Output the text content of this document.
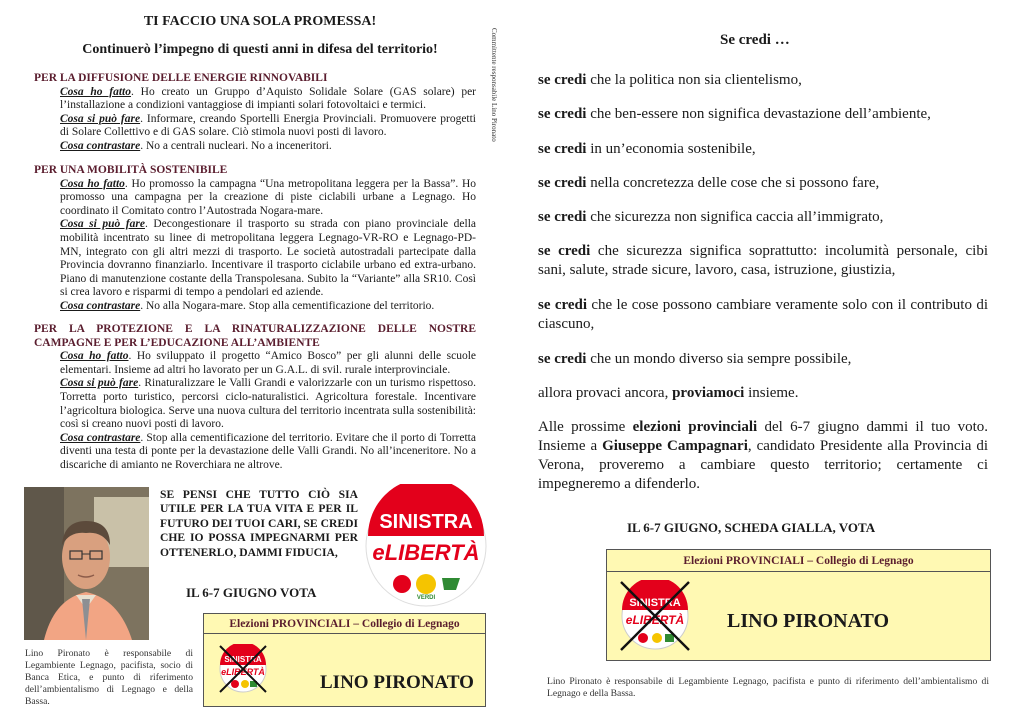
TI FACCIO UNA SOLA PROMESSA!
Continuerò l’impegno di questi anni in difesa del territorio!	Committente responsabile Lino Pironato
PER LA DIFFUSIONE DELLE ENERGIE RINNOVABILI
Cosa ho fatto. Ho creato un Gruppo d’Aquisto Solidale Solare (GAS solare) per l’installazione a condizioni vantaggiose di impianti solari fotovoltaici e termici.
Cosa si può fare. Informare, creando Sportelli Energia Provinciali. Promuovere progetti di Solare Collettivo e di GAS solare. Ciò stimola nuovi posti di lavoro.
Cosa contrastare. No a centrali nucleari. No a inceneritori.
PER UNA MOBILITÀ SOSTENIBILE
Cosa ho fatto. Ho promosso la campagna “Una metropolitana leggera per la Bassa”. Ho promosso una campagna per la creazione di piste ciclabili urbane a Legnago. Ho coordinato il Comitato contro l’Autostrada Nogara-mare.
Cosa si può fare. Decongestionare il trasporto su strada con piano provinciale della mobilità incentrato su linee di metropolitana leggera Legnago-VR-RO e Legnago-PD-MN, integrato con gli altri mezzi di trasporto. Le società autostradali partecipate dalla Provincia dovranno finanziarlo. Incentivare il trasporto ciclabile urbano ed extra-urbano. Piano di manutenzione costante della Transpolesana. Subito la “Variante” alla SR10. Così si crea lavoro e risparmi di tempo a pendolari ed aziende.
Cosa contrastare. No alla Nogara-mare. Stop alla cementificazione del territorio.
PER LA PROTEZIONE E LA RINATURALIZZAZIONE DELLE NOSTRE CAMPAGNE E PER L’EDUCAZIONE ALL’AMBIENTE
Cosa ho fatto. Ho sviluppato il progetto “Amico Bosco” per gli alunni delle scuole elementari. Insieme ad altri ho lavorato per un G.A.L. di svil. rurale interprovinciale.
Cosa si può fare. Rinaturalizzare le Valli Grandi e valorizzarle con un turismo rispettoso. Torretta porto turistico, percorsi ciclo-naturalistici. Agricoltura forestale. Incentivare l’agricoltura biologica. Serve una nuova cultura del territorio incentrata sulla sostenibilità: così si creano nuovi posti di lavoro.
Cosa contrastare. Stop alla cementificazione del territorio. Evitare che il porto di Torretta diventi una testa di ponte per la devastazione delle Valli Grandi. No all’inceneritore. No a discariche di amianto ne Roverchiara ne altrove.
SE PENSI CHE TUTTO CIÒ SIA UTILE PER LA TUA VITA E PER IL FUTURO DEI TUOI CARI, SE CREDI CHE IO POSSA IMPEGNARMI PER OTTENERLO, DAMMI FIDUCIA,
SINISTRA
eLIBERTÀ
VERDI
IL 6-7 GIUGNO VOTA
Lino Pironato è responsabile di Legambiente Legnago, pacifista, socio di Banca Etica, e punto di riferimento dell’ambientalismo di Legnago e della Bassa.
Elezioni PROVINCIALI – Collegio di Legnago
SINISTRA
eLIBERTÀ	LINO PIRONATO
Se credi …
se credi che la politica non sia clientelismo,
se credi che ben-essere non significa devastazione dell’ambiente,
se credi in un’economia sostenibile,
se credi nella concretezza delle cose che si possono fare,
se credi che sicurezza non significa caccia all’immigrato,
se credi che sicurezza significa soprattutto: incolumità personale, cibi sani, salute, strade sicure, lavoro, casa, istruzione, giustizia,
se credi che le cose possono cambiare veramente solo con il contributo di ciascuno,
se credi che un mondo diverso sia sempre possibile,
allora provaci ancora, proviamoci insieme.
Alle prossime elezioni provinciali del 6-7 giugno dammi il tuo voto. Insieme a Giuseppe Campagnari, candidato Presidente alla Provincia di Verona, proveremo a cambiare questo territorio; certamente ci impegneremo a difenderlo.
IL 6-7 GIUGNO, SCHEDA GIALLA, VOTA
Elezioni PROVINCIALI – Collegio di Legnago
SINISTRA
eLIBERTÀ LINO PIRONATO
Lino Pironato è responsabile di Legambiente Legnago, pacifista e punto di riferimento dell’ambientalismo di Legnago e della Bassa.
